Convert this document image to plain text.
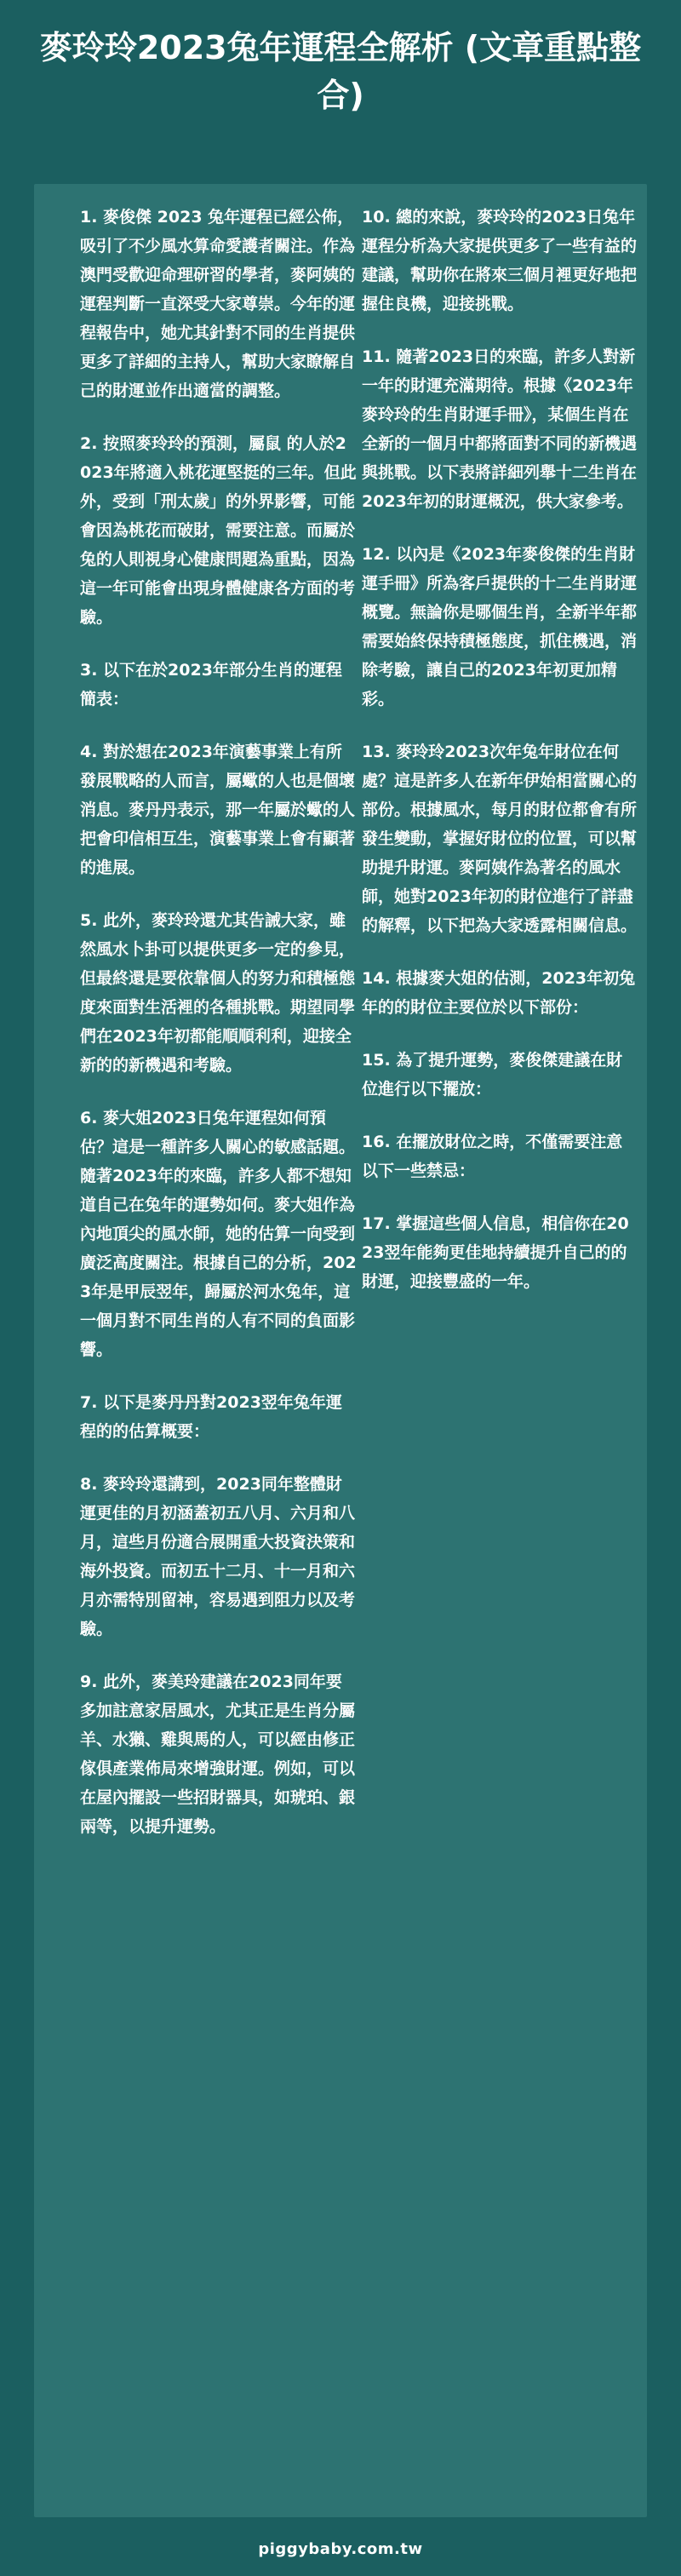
麥玲玲2023兔年運程全解析 (文章重點整合)

1. 麥俊傑 2023 兔年運程已經公佈，吸引了不少風水算命愛護者關注。作為澳門受歡迎命理研習的學者，麥阿姨的運程判斷一直深受大家尊崇。今年的運程報告中，她尤其針對不同的生肖提供更多了詳細的主持人，幫助大家瞭解自己的財運並作出適當的調整。

2. 按照麥玲玲的預測，屬鼠 的人於2023年將適入桃花運堅挺的三年。但此外，受到「刑太歲」的外界影響，可能會因為桃花而破財，需要注意。而屬於兔的人則視身心健康問題為重點，因為這一年可能會出現身體健康各方面的考驗。

3. 以下在於2023年部分生肖的運程簡表：

4. 對於想在2023年演藝事業上有所發展戰略的人而言，屬蠍的人也是個壞消息。麥丹丹表示，那一年屬於蠍的人把會印信相互生，演藝事業上會有顯著的進展。

5. 此外，麥玲玲還尤其告誡大家，雖然風水卜卦可以提供更多一定的參見，但最終還是要依靠個人的努力和積極態度來面對生活裡的各種挑戰。期望同學們在2023年初都能順順利利，迎接全新的的新機遇和考驗。

6. 麥大姐2023日兔年運程如何預估？這是一種許多人關心的敏感話題。隨著2023年的來臨，許多人都不想知道自己在兔年的運勢如何。麥大姐作為內地頂尖的風水師，她的估算一向受到廣泛高度關注。根據自己的分析，2023年是甲辰翌年，歸屬於河水兔年，這一個月對不同生肖的人有不同的負面影響。

7. 以下是麥丹丹對2023翌年兔年運程的的估算概要：

8. 麥玲玲還講到，2023同年整體財運更佳的月初涵蓋初五八月、六月和八月，這些月份適合展開重大投資決策和海外投資。而初五十二月、十一月和六月亦需特別留神，容易遇到阻力以及考驗。

9. 此外，麥美玲建議在2023同年要多加註意家居風水，尤其正是生肖分屬羊、水獺、雞與馬的人，可以經由修正傢俱產業佈局來增強財運。例如，可以在屋內擺設一些招財器具，如琥珀、銀兩等，以提升運勢。

10. 總的來說，麥玲玲的2023日兔年運程分析為大家提供更多了一些有益的建議，幫助你在將來三個月裡更好地把握住良機，迎接挑戰。

11. 隨著2023日的來臨，許多人對新一年的財運充滿期待。根據《2023年麥玲玲的生肖財運手冊》，某個生肖在全新的一個月中都將面對不同的新機遇與挑戰。以下表將詳細列舉十二生肖在2023年初的財運概況，供大家參考。

12. 以內是《2023年麥俊傑的生肖財運手冊》所為客戶提供的十二生肖財運概覽。無論你是哪個生肖，全新半年都需要始終保持積極態度，抓住機遇，消除考驗，讓自己的2023年初更加精彩。

13. 麥玲玲2023次年兔年財位在何處？這是許多人在新年伊始相當關心的部份。根據風水，每月的財位都會有所發生變動，掌握好財位的位置，可以幫助提升財運。麥阿姨作為著名的風水師，她對2023年初的財位進行了詳盡的解釋，以下把為大家透露相關信息。

14. 根據麥大姐的估測，2023年初兔年的的財位主要位於以下部份：

15. 為了提升運勢，麥俊傑建議在財位進行以下擺放：

16. 在擺放財位之時，不僅需要注意以下一些禁忌：

17. 掌握這些個人信息，相信你在2023翌年能夠更佳地持續提升自己的的財運，迎接豐盛的一年。

piggybaby.com.tw
